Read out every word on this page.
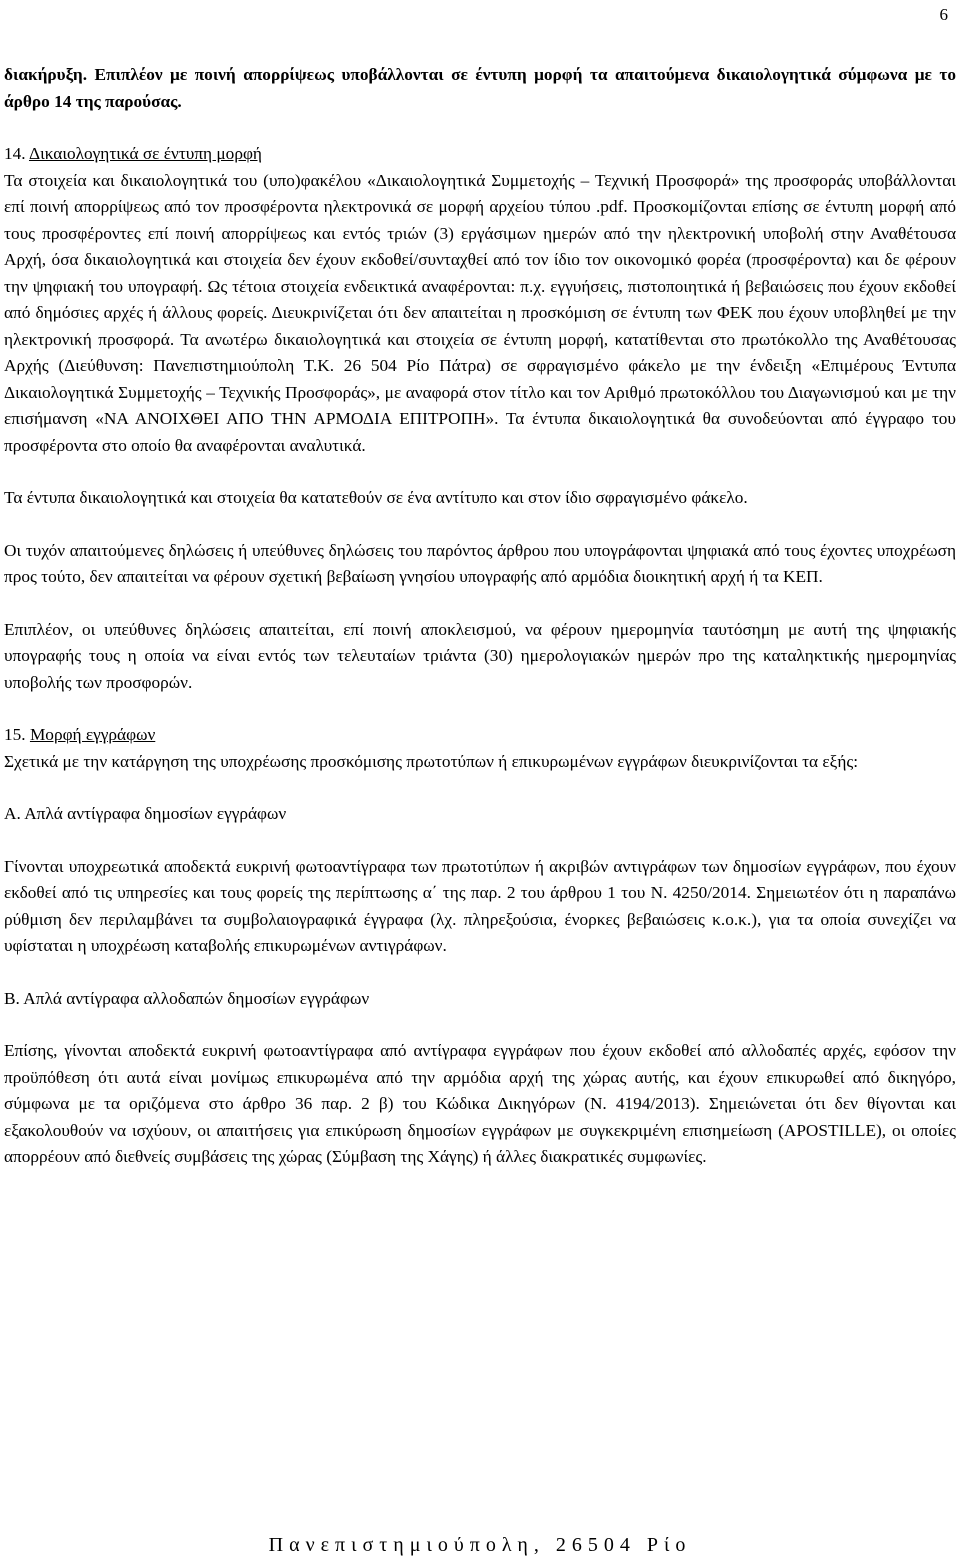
6

διακήρυξη. Επιπλέον με ποινή απορρίψεως υποβάλλονται σε έντυπη μορφή τα απαιτούμενα δικαιολογητικά σύμφωνα με το άρθρο 14 της παρούσας.

14. Δικαιολογητικά σε έντυπη μορφή

Τα στοιχεία και δικαιολογητικά του (υπο)φακέλου «Δικαιολογητικά Συμμετοχής – Τεχνική Προσφορά» της προσφοράς υποβάλλονται επί ποινή απορρίψεως από τον προσφέροντα ηλεκτρονικά σε μορφή αρχείου τύπου .pdf. Προσκομίζονται επίσης σε έντυπη μορφή από τους προσφέροντες επί ποινή απορρίψεως και εντός τριών (3) εργάσιμων ημερών από την ηλεκτρονική υποβολή στην Αναθέτουσα Αρχή, όσα δικαιολογητικά και στοιχεία δεν έχουν εκδοθεί/συνταχθεί από τον ίδιο τον οικονομικό φορέα (προσφέροντα) και δε φέρουν την ψηφιακή του υπογραφή. Ως τέτοια στοιχεία ενδεικτικά αναφέρονται: π.χ. εγγυήσεις, πιστοποιητικά ή βεβαιώσεις που έχουν εκδοθεί από δημόσιες αρχές ή άλλους φορείς. Διευκρινίζεται ότι δεν απαιτείται η προσκόμιση σε έντυπη των ΦΕΚ που έχουν υποβληθεί με την ηλεκτρονική προσφορά. Τα ανωτέρω δικαιολογητικά και στοιχεία σε έντυπη μορφή, κατατίθενται στο πρωτόκολλο της Αναθέτουσας Αρχής (Διεύθυνση: Πανεπιστημιούπολη Τ.Κ. 26 504 Ρίο Πάτρα) σε σφραγισμένο φάκελο με την ένδειξη «Επιμέρους Έντυπα Δικαιολογητικά Συμμετοχής – Τεχνικής Προσφοράς», με αναφορά στον τίτλο και τον Αριθμό πρωτοκόλλου του Διαγωνισμού και με την επισήμανση «ΝΑ ΑΝΟΙΧΘΕΙ ΑΠΟ ΤΗΝ ΑΡΜΟΔΙΑ ΕΠΙΤΡΟΠΗ». Τα έντυπα δικαιολογητικά θα συνοδεύονται από έγγραφο του προσφέροντα στο οποίο θα αναφέρονται αναλυτικά.

Τα έντυπα δικαιολογητικά και στοιχεία θα κατατεθούν σε ένα αντίτυπο και στον ίδιο σφραγισμένο φάκελο.

Οι τυχόν απαιτούμενες δηλώσεις ή υπεύθυνες δηλώσεις του παρόντος άρθρου που υπογράφονται ψηφιακά από τους έχοντες υποχρέωση προς τούτο, δεν απαιτείται να φέρουν σχετική βεβαίωση γνησίου υπογραφής από αρμόδια διοικητική αρχή ή τα ΚΕΠ.

Επιπλέον, οι υπεύθυνες δηλώσεις απαιτείται, επί ποινή αποκλεισμού, να φέρουν ημερομηνία ταυτόσημη με αυτή της ψηφιακής υπογραφής τους η οποία να είναι εντός των τελευταίων τριάντα (30) ημερολογιακών ημερών προ της καταληκτικής ημερομηνίας υποβολής των προσφορών.

15. Μορφή εγγράφων

Σχετικά με την κατάργηση της υποχρέωσης προσκόμισης πρωτοτύπων ή επικυρωμένων εγγράφων διευκρινίζονται τα εξής:

Α. Απλά αντίγραφα δημοσίων εγγράφων

Γίνονται υποχρεωτικά αποδεκτά ευκρινή φωτοαντίγραφα των πρωτοτύπων ή ακριβών αντιγράφων των δημοσίων εγγράφων, που έχουν εκδοθεί από τις υπηρεσίες και τους φορείς της περίπτωσης α΄ της παρ. 2 του άρθρου 1 του Ν. 4250/2014. Σημειωτέον ότι η παραπάνω ρύθμιση δεν περιλαμβάνει τα συμβολαιογραφικά έγγραφα (λχ. πληρεξούσια, ένορκες βεβαιώσεις κ.ο.κ.), για τα οποία συνεχίζει να υφίσταται η υποχρέωση καταβολής επικυρωμένων αντιγράφων.

Β. Απλά αντίγραφα αλλοδαπών δημοσίων εγγράφων

Επίσης, γίνονται αποδεκτά ευκρινή φωτοαντίγραφα από αντίγραφα εγγράφων που έχουν εκδοθεί από αλλοδαπές αρχές, εφόσον την προϋπόθεση ότι αυτά είναι μονίμως επικυρωμένα από την αρμόδια αρχή της χώρας αυτής, και έχουν επικυρωθεί από δικηγόρο, σύμφωνα με τα οριζόμενα στο άρθρο 36 παρ. 2 β) του Κώδικα Δικηγόρων (Ν. 4194/2013). Σημειώνεται ότι δεν θίγονται και εξακολουθούν να ισχύουν, οι απαιτήσεις για επικύρωση δημοσίων εγγράφων με συγκεκριμένη επισημείωση (APOSTILLE), οι οποίες απορρέουν από διεθνείς συμβάσεις της χώρας (Σύμβαση της Χάγης) ή άλλες διακρατικές συμφωνίες.

Πανεπιστημιούπολη, 26504 Ρίο
